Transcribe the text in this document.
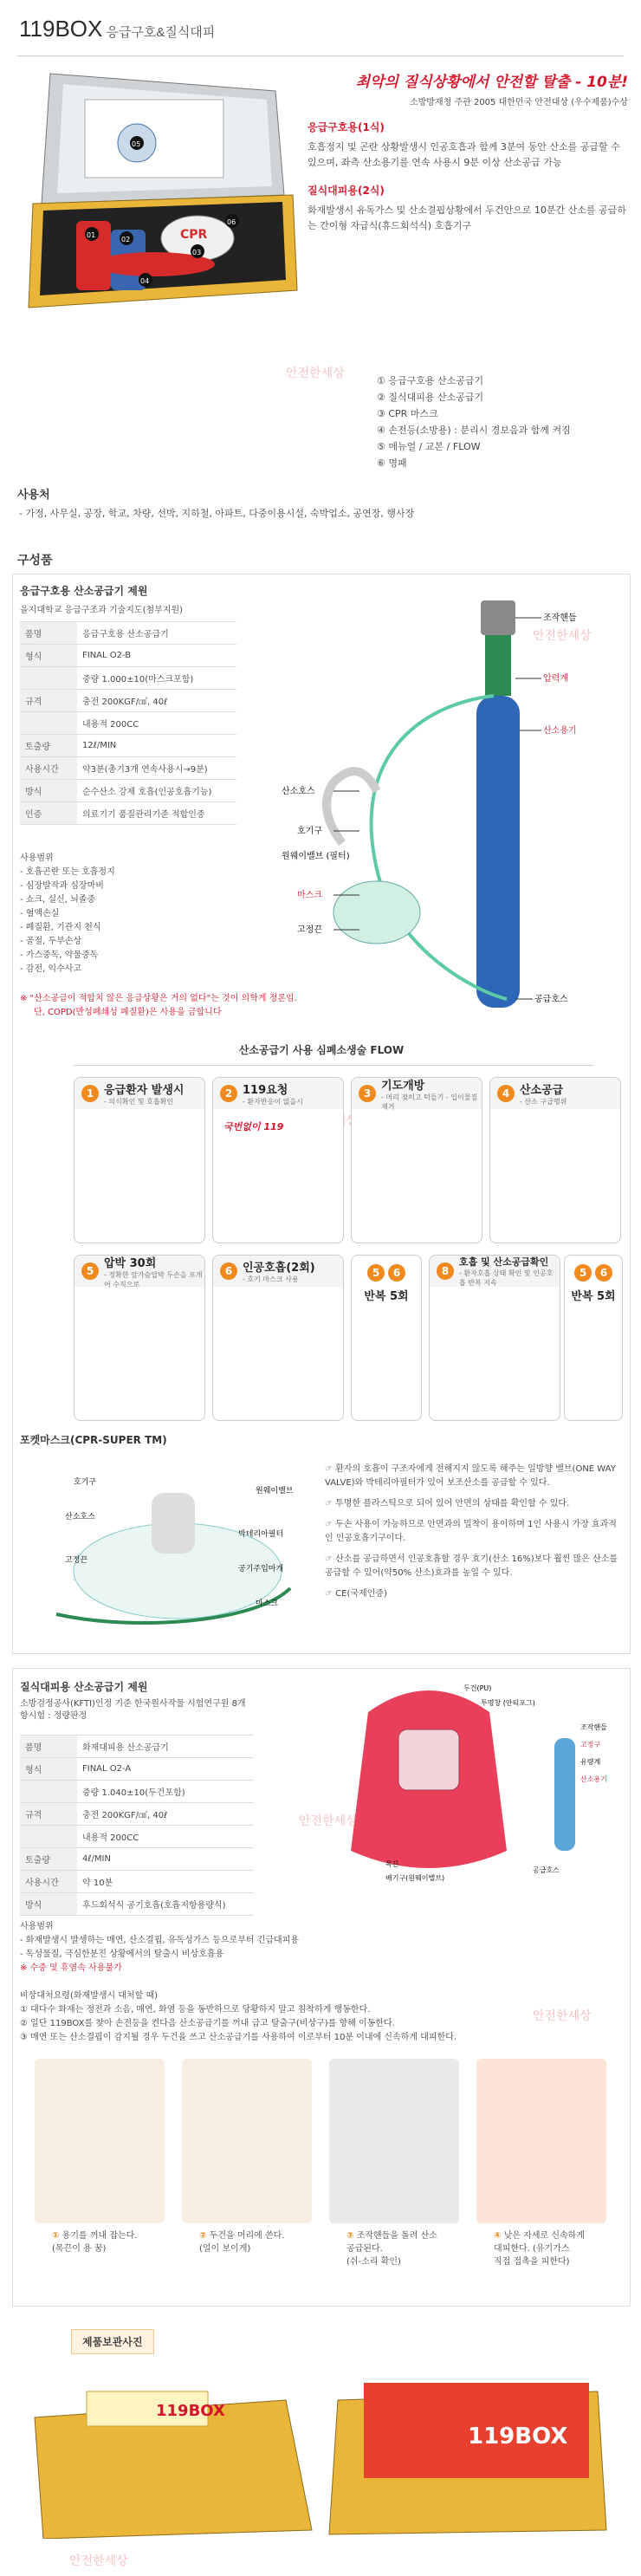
119BOX 응급구호&질식대피
CPR
01
02
03
04
05
06
최악의 질식상황에서 안전할 탈출 - 10분!
소방방재청 주관 2005 대한민국 안전대상 (우수제품)수상
응급구호용(1식)

호흡정지 및 곤란 상황발생시 인공호흡과 함께 3분여 동안 산소를 공급할 수 있으며, 좌측 산소용기를 연속 사용시 9분 이상 산소공급 가능

질식대피용(2식)

화재발생시 유독가스 및 산소결핍상황에서 두건안으로 10분간 산소를 공급하는 간이형 자급식(휴드회석식) 호흡기구

① 응급구호용 산소공급기
② 질식대피용 산소공급기
③ CPR 마스크
④ 손전등(소방용) : 분리시 경보음과 함께 켜짐
⑤ 메뉴얼 / 교본 / FLOW
⑥ 명패
안전한세상
사용처
- 가정, 사무실, 공장, 학교, 차량, 선박, 지하철, 아파트, 다중이용시설, 숙박업소, 공연장, 행사장
구성품
응급구호용 산소공급기 제원
을지대학교 응급구조과 기술지도(첨부지원)
품명	응급구호용 산소공급기
형식	FINAL O2-B
	중량 1.000±10(마스크포함)
규격	충전 200KGF/㎠, 40ℓ
	내용적 200CC
토출량	12ℓ/MIN
사용시간	약3분(총기3개 연속사용시→9분)
방식	순수산소 강제 호흡(인공호흡기능)
인증	의료기기 품질관리기준 적합인증
사용범위
- 호흡곤란 또는 호흡정지
- 심장발작과 심장마비
- 쇼크, 실신, 뇌졸중
- 혈액손실
- 폐질환, 기관지 천식
- 골절, 두부손상
- 가스중독, 약물중독
- 감전, 익수사고
※ "산소공급이 적합치 않은 응급상황은 거의 없다"는 것이 의학계 정론임.
단, COPD(만성폐쇄성 폐질환)은 사용을 금합니다
조작핸들
압력계
산소용기
산소호스
호기구
원웨이밸브 (필터)
마스크
고정끈
공급호스
안전한세상
산소공급기 사용 심폐소생술 FLOW
1 응급환자 발생시
- 의식확인 및 호흡확인
2 119요청
- 환자반응이 없을시
국번없이 119
3
기도개방
- 머리 젖히고 턱들기 - 입이물질 제거
4 산소공급
- 산소 구급행위
5
압박 30회
- 정확한 앞가슴압박 두손을 포개어 수직으로
6 인공호흡(2회)
- 호기 마스크 사용
5	6
반복 5회
8
호흡 및 산소공급확인
- 환자호흡 상태 확인 및 인공호흡 반복 지속
5	6
반복 5회
포켓마스크(CPR-SUPER TM)
호기구
산소호스
고정끈
원웨이밸브
박테리아필터
공기주입마개
마스크
☞ 환자의 호흡이 구조자에게 전해지지 않도록 해주는 일방향 밸브(ONE WAY VALVE)와 박테리아필터가 있어 보조산소를 공급할 수 있다.
☞ 투명한 플라스틱으로 되어 있어 안면의 상태를 확인할 수 있다.
☞ 두손 사용이 가능하므로 안면과의 밀착이 용이하며 1인 사용시 가장 효과적인 인공호흡기구이다.
☞ 산소를 공급하면서 인공호흡할 경우 효기(산소 16%)보다 훨씬 많은 산소를 공급할 수 있어(약50% 산소)효과를 높일 수 있다.
☞ CE(국제인증)
질식대피용 산소공급기 제원
소방검정공사(KFTI)인정 기준 한국원사작물 시험연구원 8개항시험 : 정량판정
품명	화재대피용 산소공급기
형식	FINAL O2-A
	중량 1.040±10(두건포함)
규격	충전 200KGF/㎠, 40ℓ
	내용적 200CC
토출량	4ℓ/MIN
사용시간	약 10분
방식	후드회석식 공기호흡(호흡저항용량식)
두건(PU)
투명창 (안티포그)
조작핸들
고정구
유량계
목끈
산소용기
배기구(원웨이밸브)
공급호스
안전한세상
안전한세상
사용범위
- 화재발생시 발생하는 매연, 산소결핍, 유독성가스 등으로부터 긴급대피용
- 독성물질, 극심한분진 상황에서의 탈출시 비상호흡용
※ 수중 및 휴염속 사용불가
비상대처요령(화재발생시 대처할 때)
① 대다수 화재는 정전과 소음, 매연, 화염 등을 동반하므로 당황하지 말고 침착하게 행동한다.
② 일단 119BOX를 찾아 손전등을 켠다음 산소공급기를 꺼내 급고 탈출구(비상구)를 향해 이동한다.
③ 매연 또는 산소결핍이 감지될 경우 두건을 쓰고 산소공급기를 사용하여 이로부터 10분 이내에 신속하게 대피한다.
① 용기를 꺼내 잡는다.
(목끈이 용 꿈)
② 두건을 머리에 쓴다.
(얼이 보이게)
③ 조작핸들을 돌려 산소
공급된다.
(쉬-소리 확인)
④ 낮은 자세로 신속하게
대피한다. (유기가스
직접 접촉을 피한다)
제품보관사진
119BOX
119BOX
안전한세상
